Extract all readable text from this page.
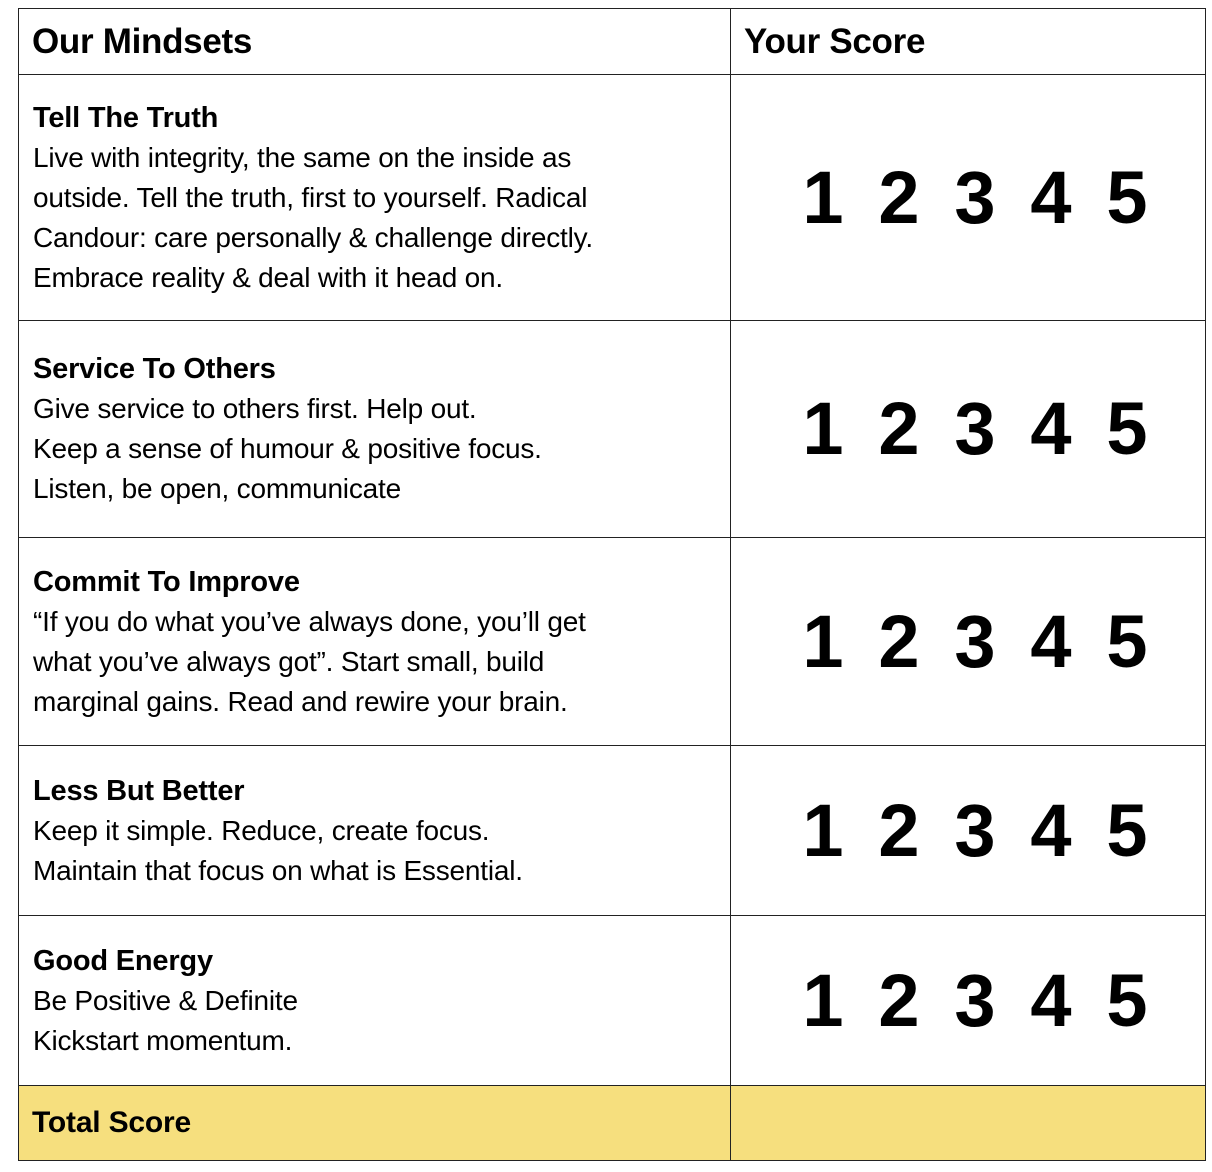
Our Mindsets	Your Score

Tell The Truth
Live with integrity, the same on the inside as
outside. Tell the truth, first to yourself. Radical
Candour: care personally & challenge directly.
Embrace reality & deal with it head on.	1 2 3 4 5

Service To Others
Give service to others first. Help out.
Keep a sense of humour & positive focus.
Listen, be open, communicate	1 2 3 4 5

Commit To Improve
“If you do what you’ve always done, you’ll get
what you’ve always got”. Start small, build
marginal gains. Read and rewire your brain.	1 2 3 4 5

Less But Better
Keep it simple. Reduce, create focus.
Maintain that focus on what is Essential.	1 2 3 4 5

Good Energy
Be Positive & Definite
Kickstart momentum.	1 2 3 4 5

Total Score	
